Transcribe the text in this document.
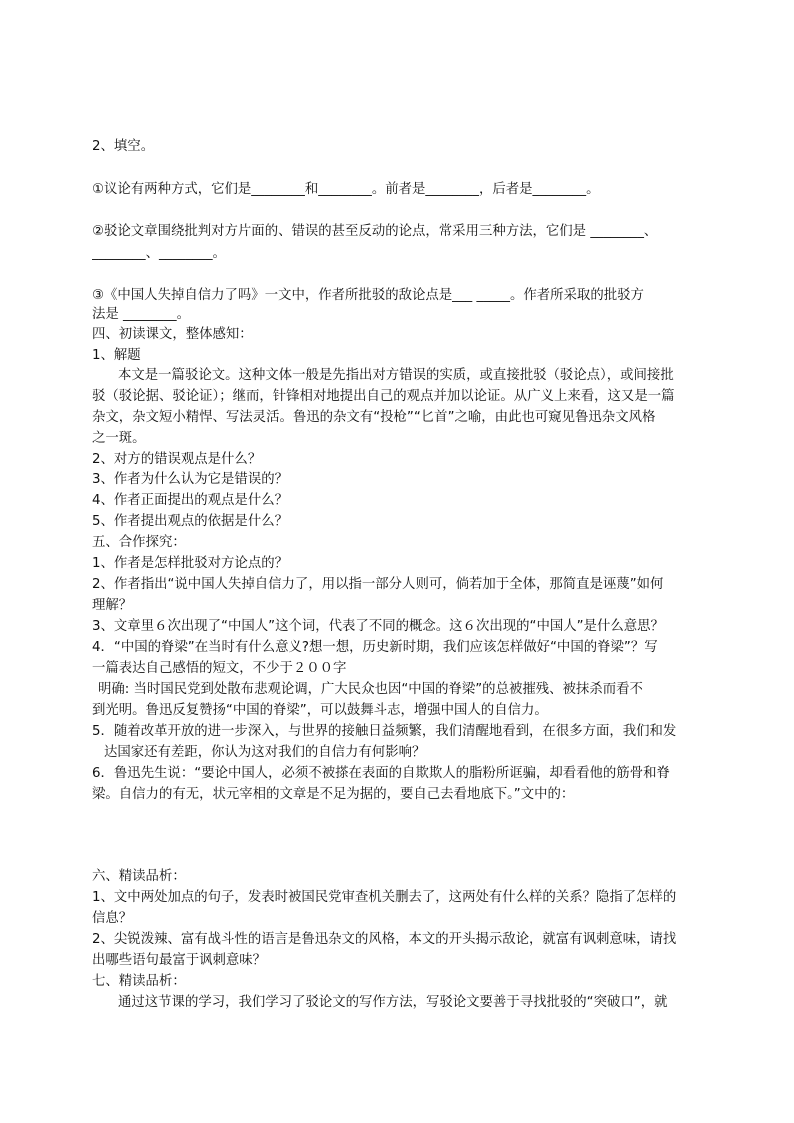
2、填空。
①议论有两种方式，它们是________和________。前者是________，后者是________。
②驳论文章围绕批判对方片面的、错误的甚至反动的论点，常采用三种方法，它们是 ________、
________、________。
③《中国人失掉自信力了吗》一文中，作者所批驳的敌论点是___ _____。作者所采取的批驳方
法是 ________。
四、初读课文，整体感知：
1、解题
本文是一篇驳论文。这种文体一般是先指出对方错误的实质，或直接批驳（驳论点），或间接批
驳（驳论据、驳论证）；继而，针锋相对地提出自己的观点并加以论证。从广义上来看，这又是一篇
杂文，杂文短小精悍、写法灵活。鲁迅的杂文有“投枪”“匕首”之喻，由此也可窥见鲁迅杂文风格
之一斑。
2、对方的错误观点是什么？
3、作者为什么认为它是错误的？
4、作者正面提出的观点是什么？
5、作者提出观点的依据是什么？
五、合作探究：
1、作者是怎样批驳对方论点的？
2、作者指出“说中国人失掉自信力了，用以指一部分人则可，倘若加于全体，那简直是诬蔑”如何
理解？
3、文章里６次出现了“中国人”这个词，代表了不同的概念。这６次出现的“中国人”是什么意思？
4．“中国的脊梁”在当时有什么意义?想一想，历史新时期，我们应该怎样做好“中国的脊梁”？写
一篇表达自己感悟的短文，不少于２００字
明确: 当时国民党到处散布悲观论调，广大民众也因“中国的脊梁”的总被摧残、被抹杀而看不
到光明。鲁迅反复赞扬“中国的脊梁”，可以鼓舞斗志，增强中国人的自信力。
5．随着改革开放的进一步深入，与世界的接触日益频繁，我们清醒地看到，在很多方面，我们和发
达国家还有差距，你认为这对我们的自信力有何影响？
6．鲁迅先生说：“要论中国人，必须不被搽在表面的自欺欺人的脂粉所诓骗，却看看他的筋骨和脊
梁。自信力的有无，状元宰相的文章是不足为据的，要自己去看地底下。”文中的：
六、精读品析：
1、文中两处加点的句子，发表时被国民党审查机关删去了，这两处有什么样的关系？隐指了怎样的
信息？
2、尖锐泼辣、富有战斗性的语言是鲁迅杂文的风格，本文的开头揭示敌论，就富有讽刺意味，请找
出哪些语句最富于讽刺意味？
七、精读品析：
通过这节课的学习，我们学习了驳论文的写作方法，写驳论文要善于寻找批驳的“突破口”，就
